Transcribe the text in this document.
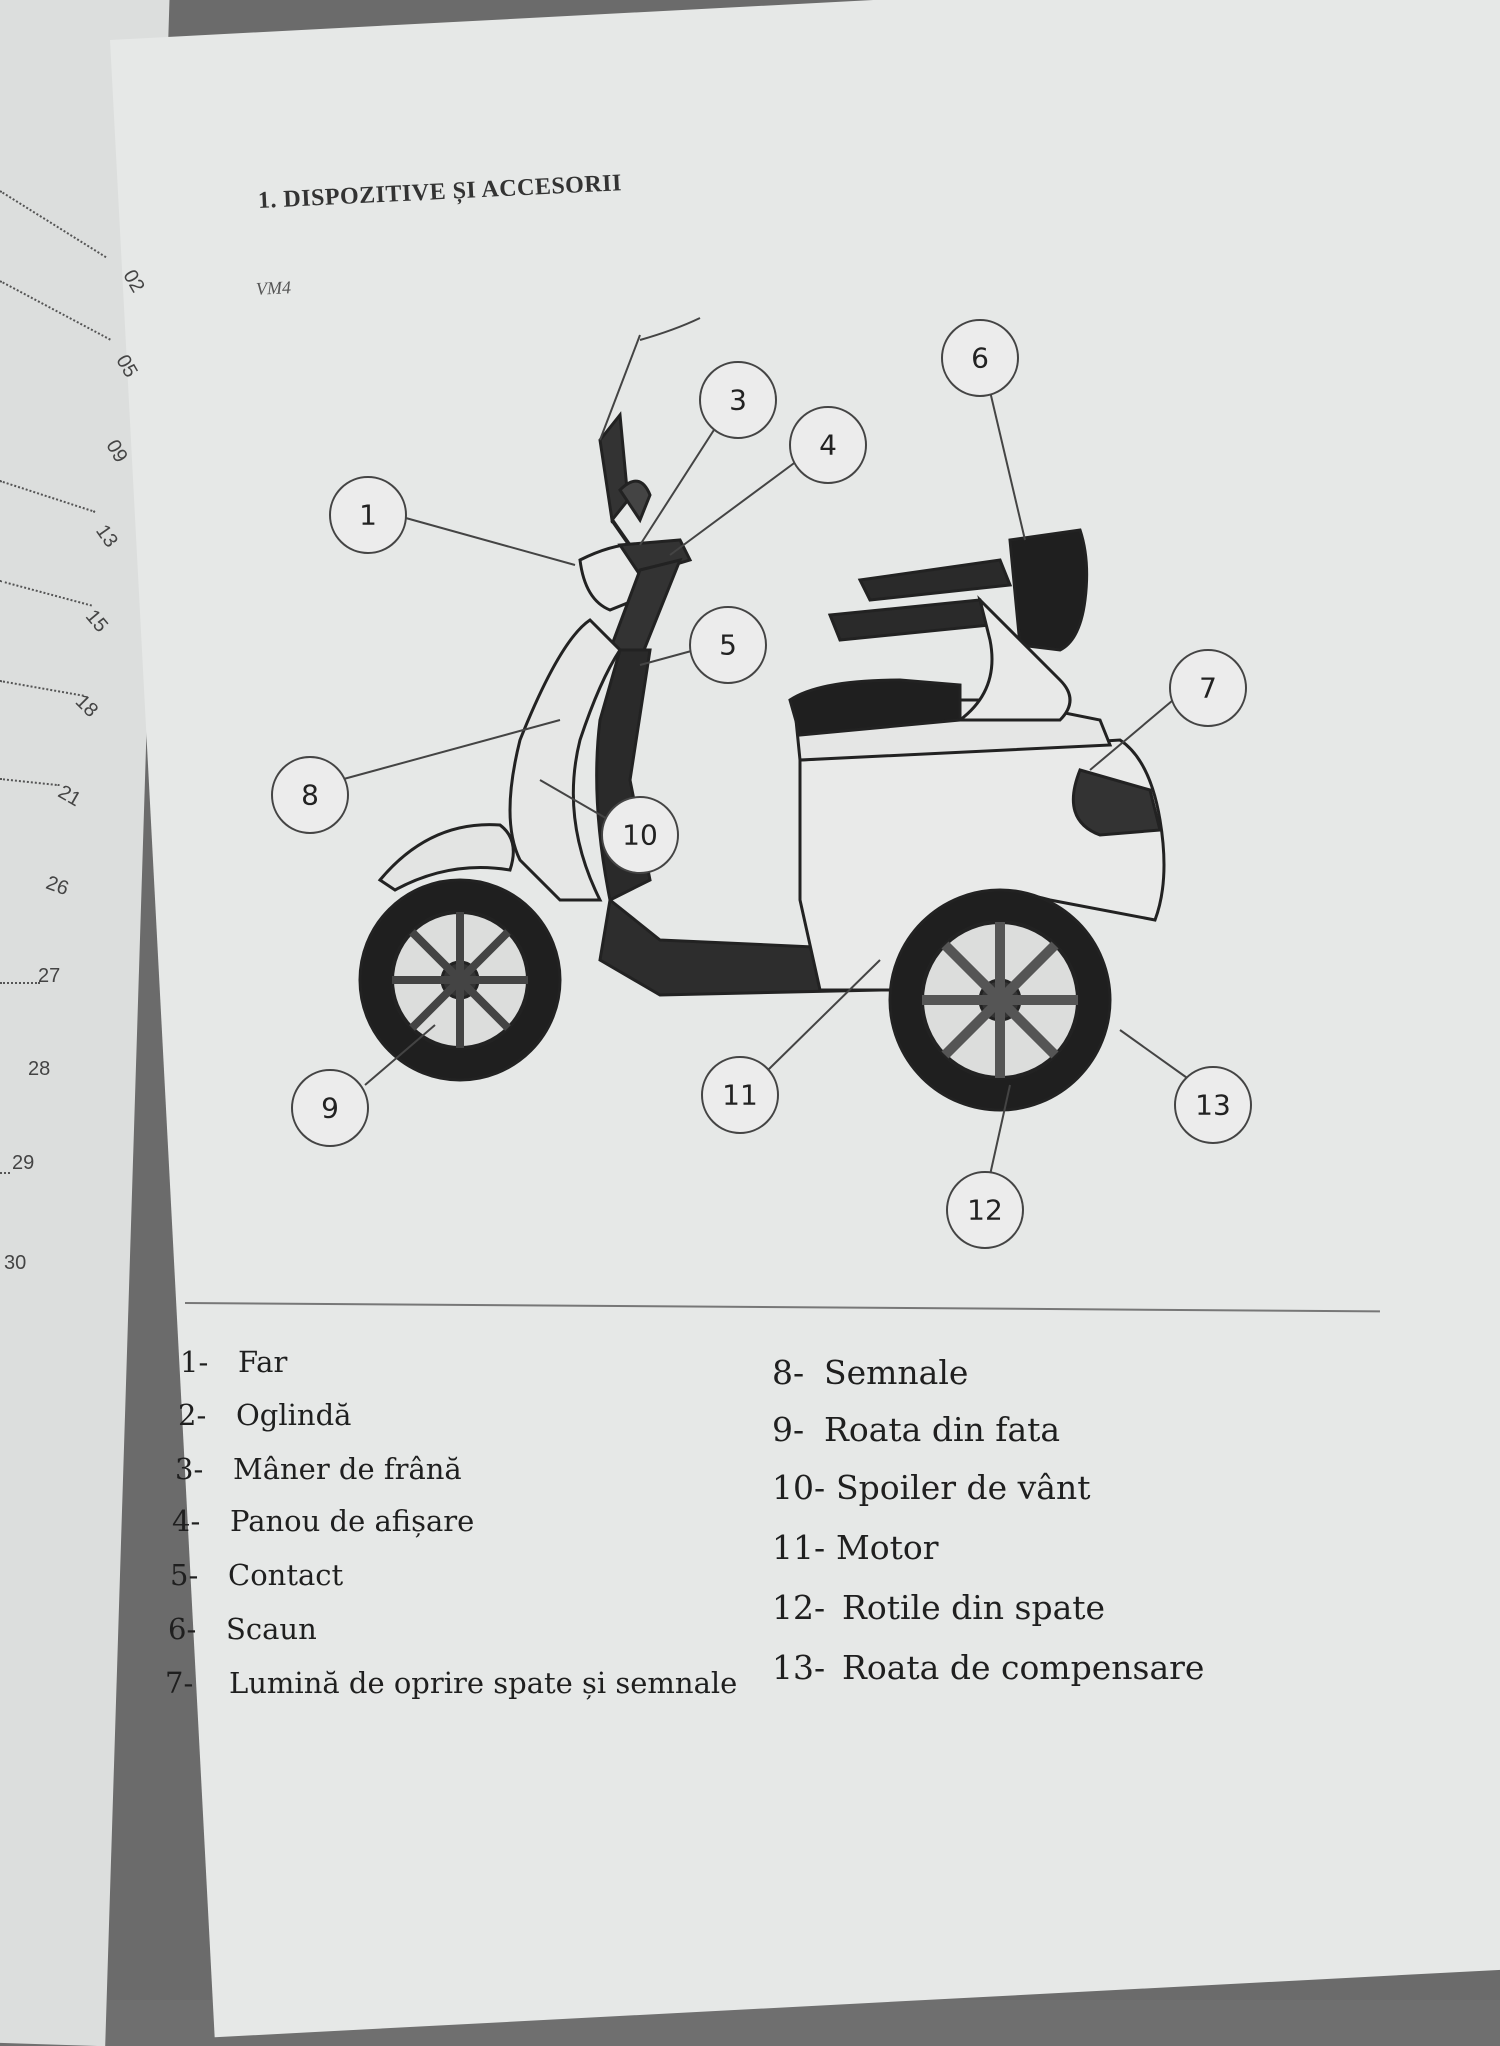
02
05
09
13
15
18
21
26
27
28
29
30
1. DISPOZITIVE ȘI ACCESORII
VM4
1
3
4
5
6
7
8
9
10
11
12
13
1- Far
2- Oglindă
3- Mâner de frână
4- Panou de afișare
5- Contact
6- Scaun
7- Lumină de oprire spate și semnale
8- Semnale
9- Roata din fata
10- Spoiler de vânt
11- Motor
12- Rotile din spate
13- Roata de compensare
